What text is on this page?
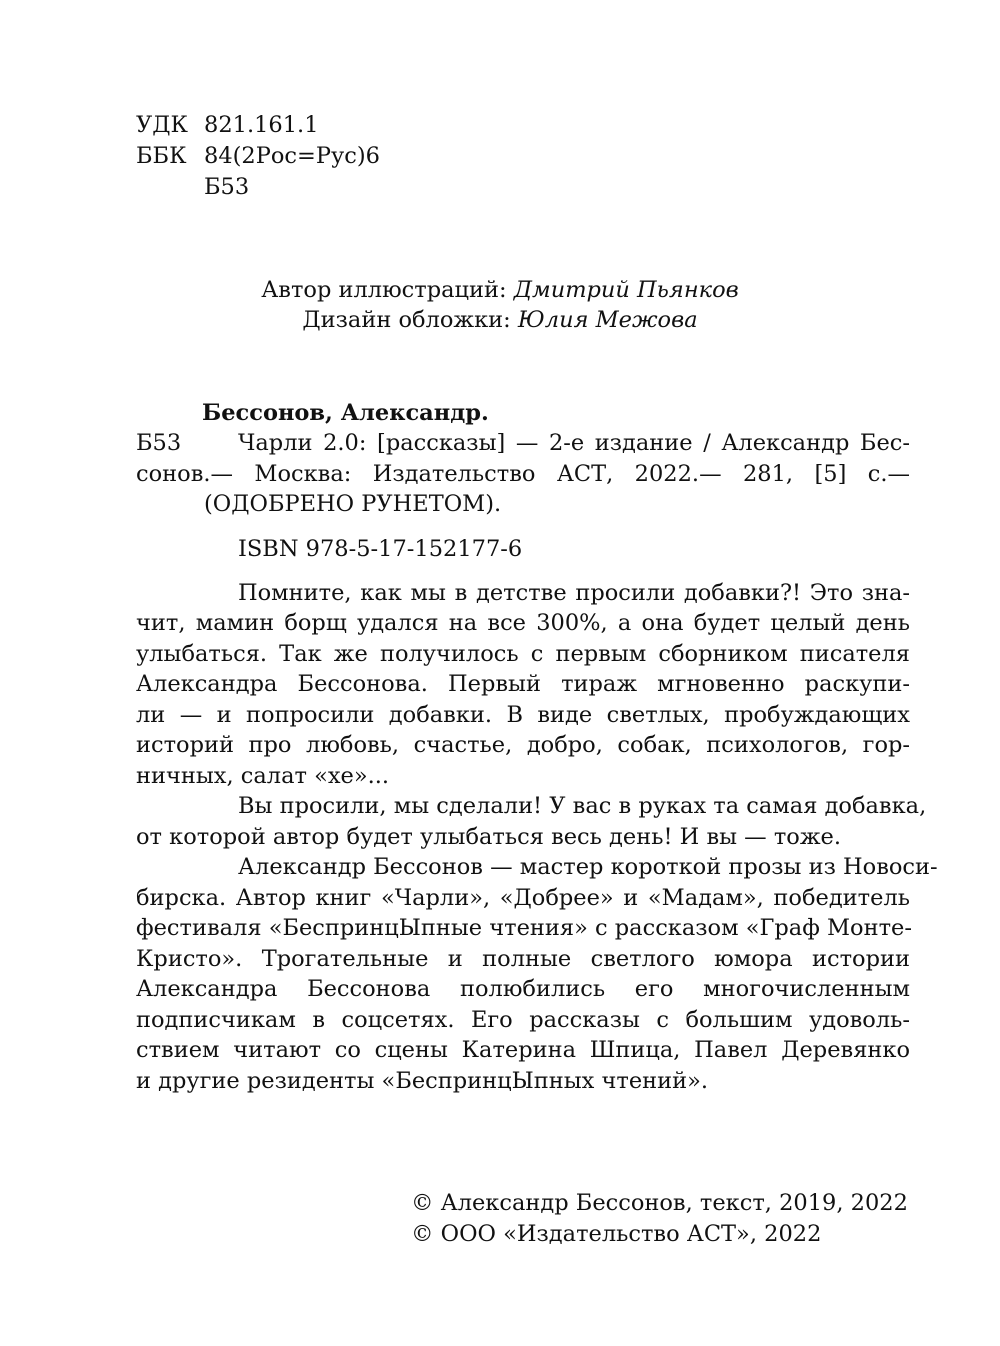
УДК 821.161.1
ББК 84(2Рос=Рус)6
Б53
Автор иллюстраций: Дмитрий Пьянков
Дизайн обложки: Юлия Межова
Бессонов, Александр.
Б53	Чарли 2.0: [рассказы] — 2-е издание / Александр Бес-
сонов.— Москва: Издательство АСТ, 2022.— 281, [5] с.—
(ОДОБРЕНО РУНЕТОМ).
ISBN 978-5-17-152177-6
Помните, как мы в детстве просили добавки?! Это зна-
чит, мамин борщ удался на все 300%, а она будет целый день
улыбаться. Так же получилось с первым сборником писателя
Александра Бессонова. Первый тираж мгновенно раскупи-
ли — и попросили добавки. В виде светлых, пробуждающих
историй про любовь, счастье, добро, собак, психологов, гор-
ничных, салат «хе»...
Вы просили, мы сделали! У вас в руках та самая добавка,
от которой автор будет улыбаться весь день! И вы — тоже.
Александр Бессонов — мастер короткой прозы из Новоси-
бирска. Автор книг «Чарли», «Добрее» и «Мадам», победитель
фестиваля «БеспринцЫпные чтения» с рассказом «Граф Монте-
Кристо». Трогательные и полные светлого юмора истории
Александра Бессонова полюбились его многочисленным
подписчикам в соцсетях. Его рассказы с большим удоволь-
ствием читают со сцены Катерина Шпица, Павел Деревянко
и другие резиденты «БеспринцЫпных чтений».
© Александр Бессонов, текст, 2019, 2022
© ООО «Издательство АСТ», 2022
